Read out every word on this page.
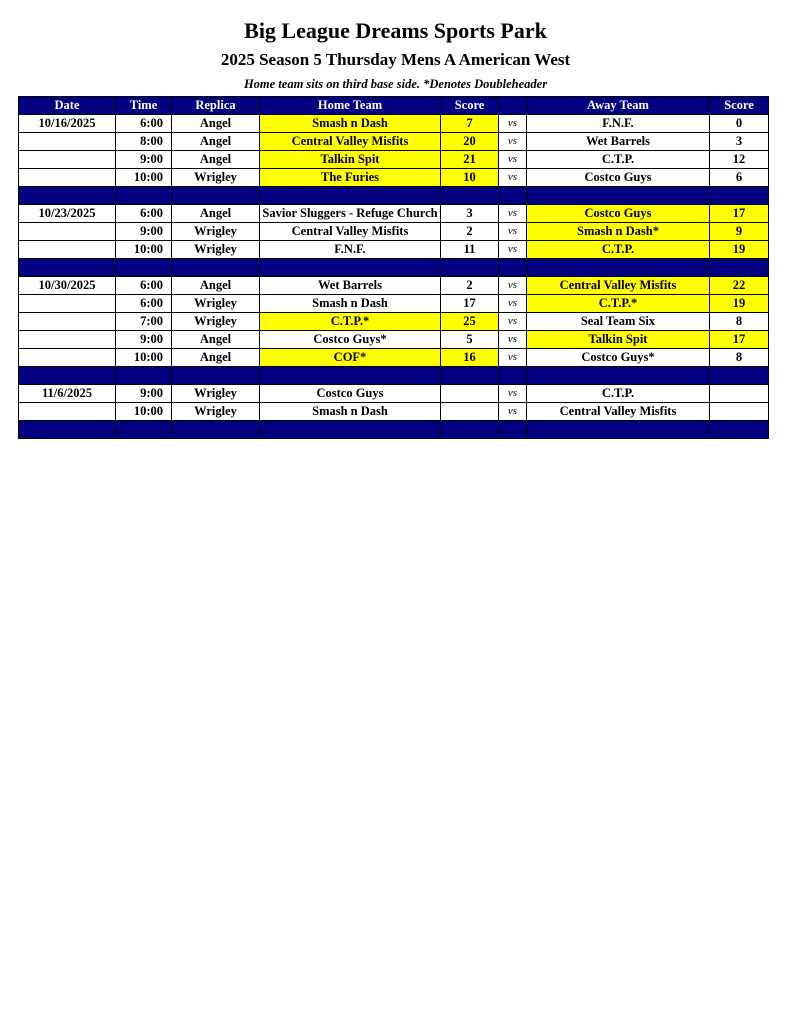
Big League Dreams Sports Park
2025 Season 5 Thursday Mens A American West
Home team sits on third base side. *Denotes Doubleheader
Date	Time	Replica	Home Team	Score		Away Team	Score
10/16/2025	6:00	Angel	Smash n Dash	7	vs	F.N.F.	0
	8:00	Angel	Central Valley Misfits	20	vs	Wet Barrels	3
	9:00	Angel	Talkin Spit	21	vs	C.T.P.	12
	10:00	Wrigley	The Furies	10	vs	Costco Guys	6

10/23/2025	6:00	Angel	Savior Sluggers - Refuge Church	3	vs	Costco Guys	17
	9:00	Wrigley	Central Valley Misfits	2	vs	Smash n Dash*	9
	10:00	Wrigley	F.N.F.	11	vs	C.T.P.	19

10/30/2025	6:00	Angel	Wet Barrels	2	vs	Central Valley Misfits	22
	6:00	Wrigley	Smash n Dash	17	vs	C.T.P.*	19
	7:00	Wrigley	C.T.P.*	25	vs	Seal Team Six	8
	9:00	Angel	Costco Guys*	5	vs	Talkin Spit	17
	10:00	Angel	COF*	16	vs	Costco Guys*	8

11/6/2025	9:00	Wrigley	Costco Guys		vs	C.T.P.	
	10:00	Wrigley	Smash n Dash		vs	Central Valley Misfits	
